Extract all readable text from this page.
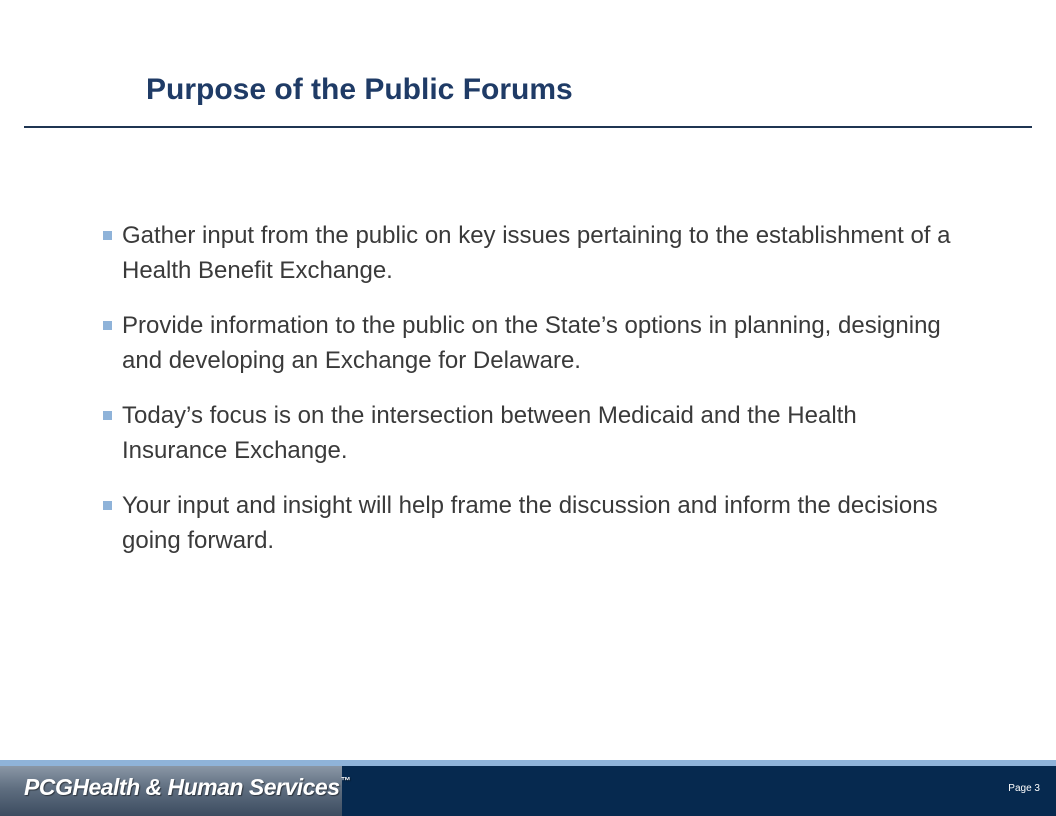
Purpose of the Public Forums
Gather input from the public on key issues pertaining to the establishment of a Health Benefit Exchange.
Provide information to the public on the State’s options in planning, designing and developing an Exchange for Delaware.
Today’s focus is on the intersection between Medicaid and the Health Insurance Exchange.
Your input and insight will help frame the discussion and inform the decisions going forward.
PCGHealth & Human Services™
Page 3
